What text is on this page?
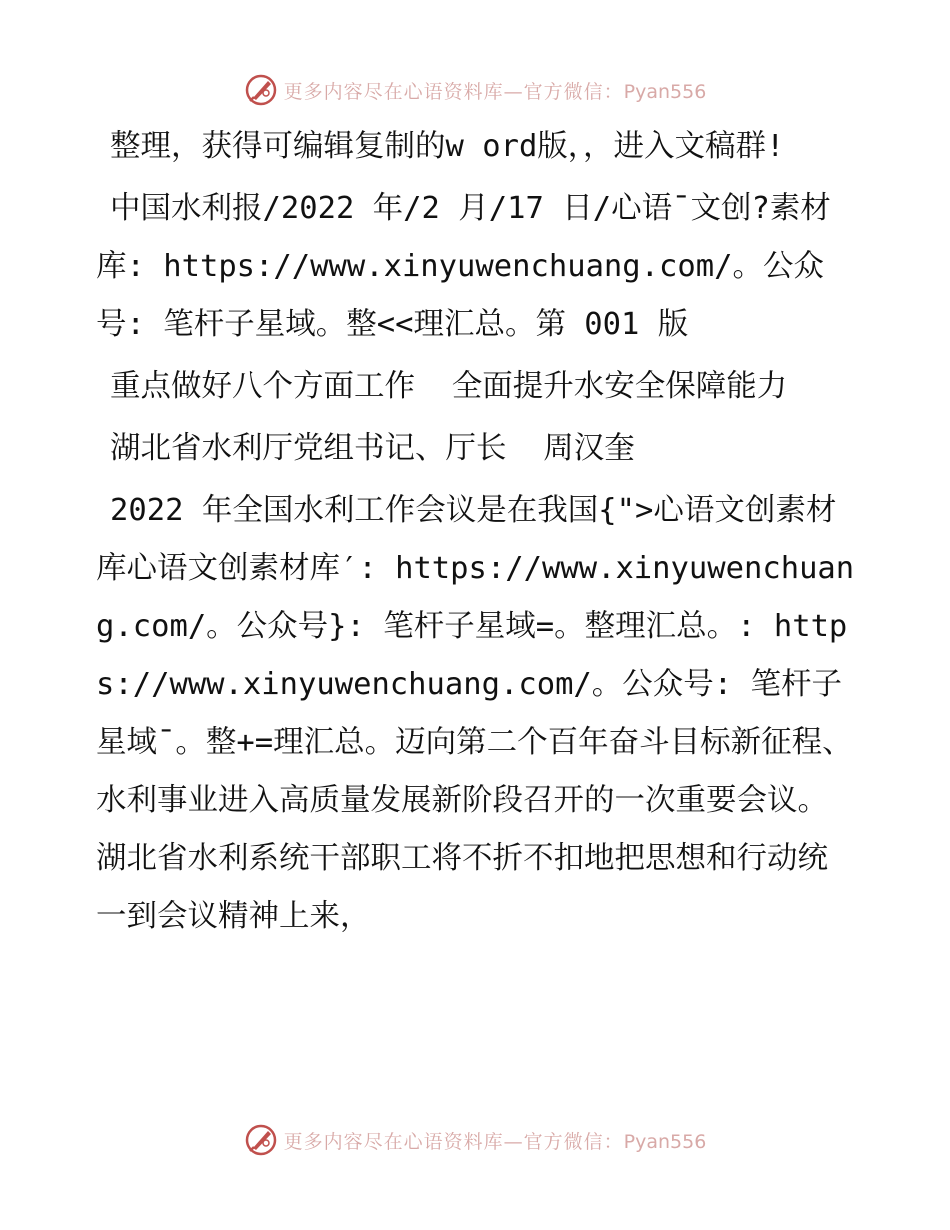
更多内容尽在心语资料库—官方微信：Pyan556

整理，获得可编辑复制的w ord版，，进入文稿群!

中国水利报/2022 年/2 月/17 日/心语¯文创?素材库: https://www.xinyuwenchuang.com/。公众号: 笔杆子星域。整<<理汇总。第 001 版

重点做好八个方面工作  全面提升水安全保障能力

湖北省水利厅党组书记、厅长  周汉奎

2022 年全国水利工作会议是在我国{">心语文创素材库心语文创素材库′: https://www.xinyuwenchuang.com/。公众号}: 笔杆子星域=。整理汇总。: https://www.xinyuwenchuang.com/。公众号: 笔杆子星域¯。整+=理汇总。迈向第二个百年奋斗目标新征程、 水利事业进入高质量发展新阶段召开的一次重要会议。湖北省水利系统干部职工将不折不扣地把思想和行动统一到会议精神上来，

更多内容尽在心语资料库—官方微信：Pyan556
